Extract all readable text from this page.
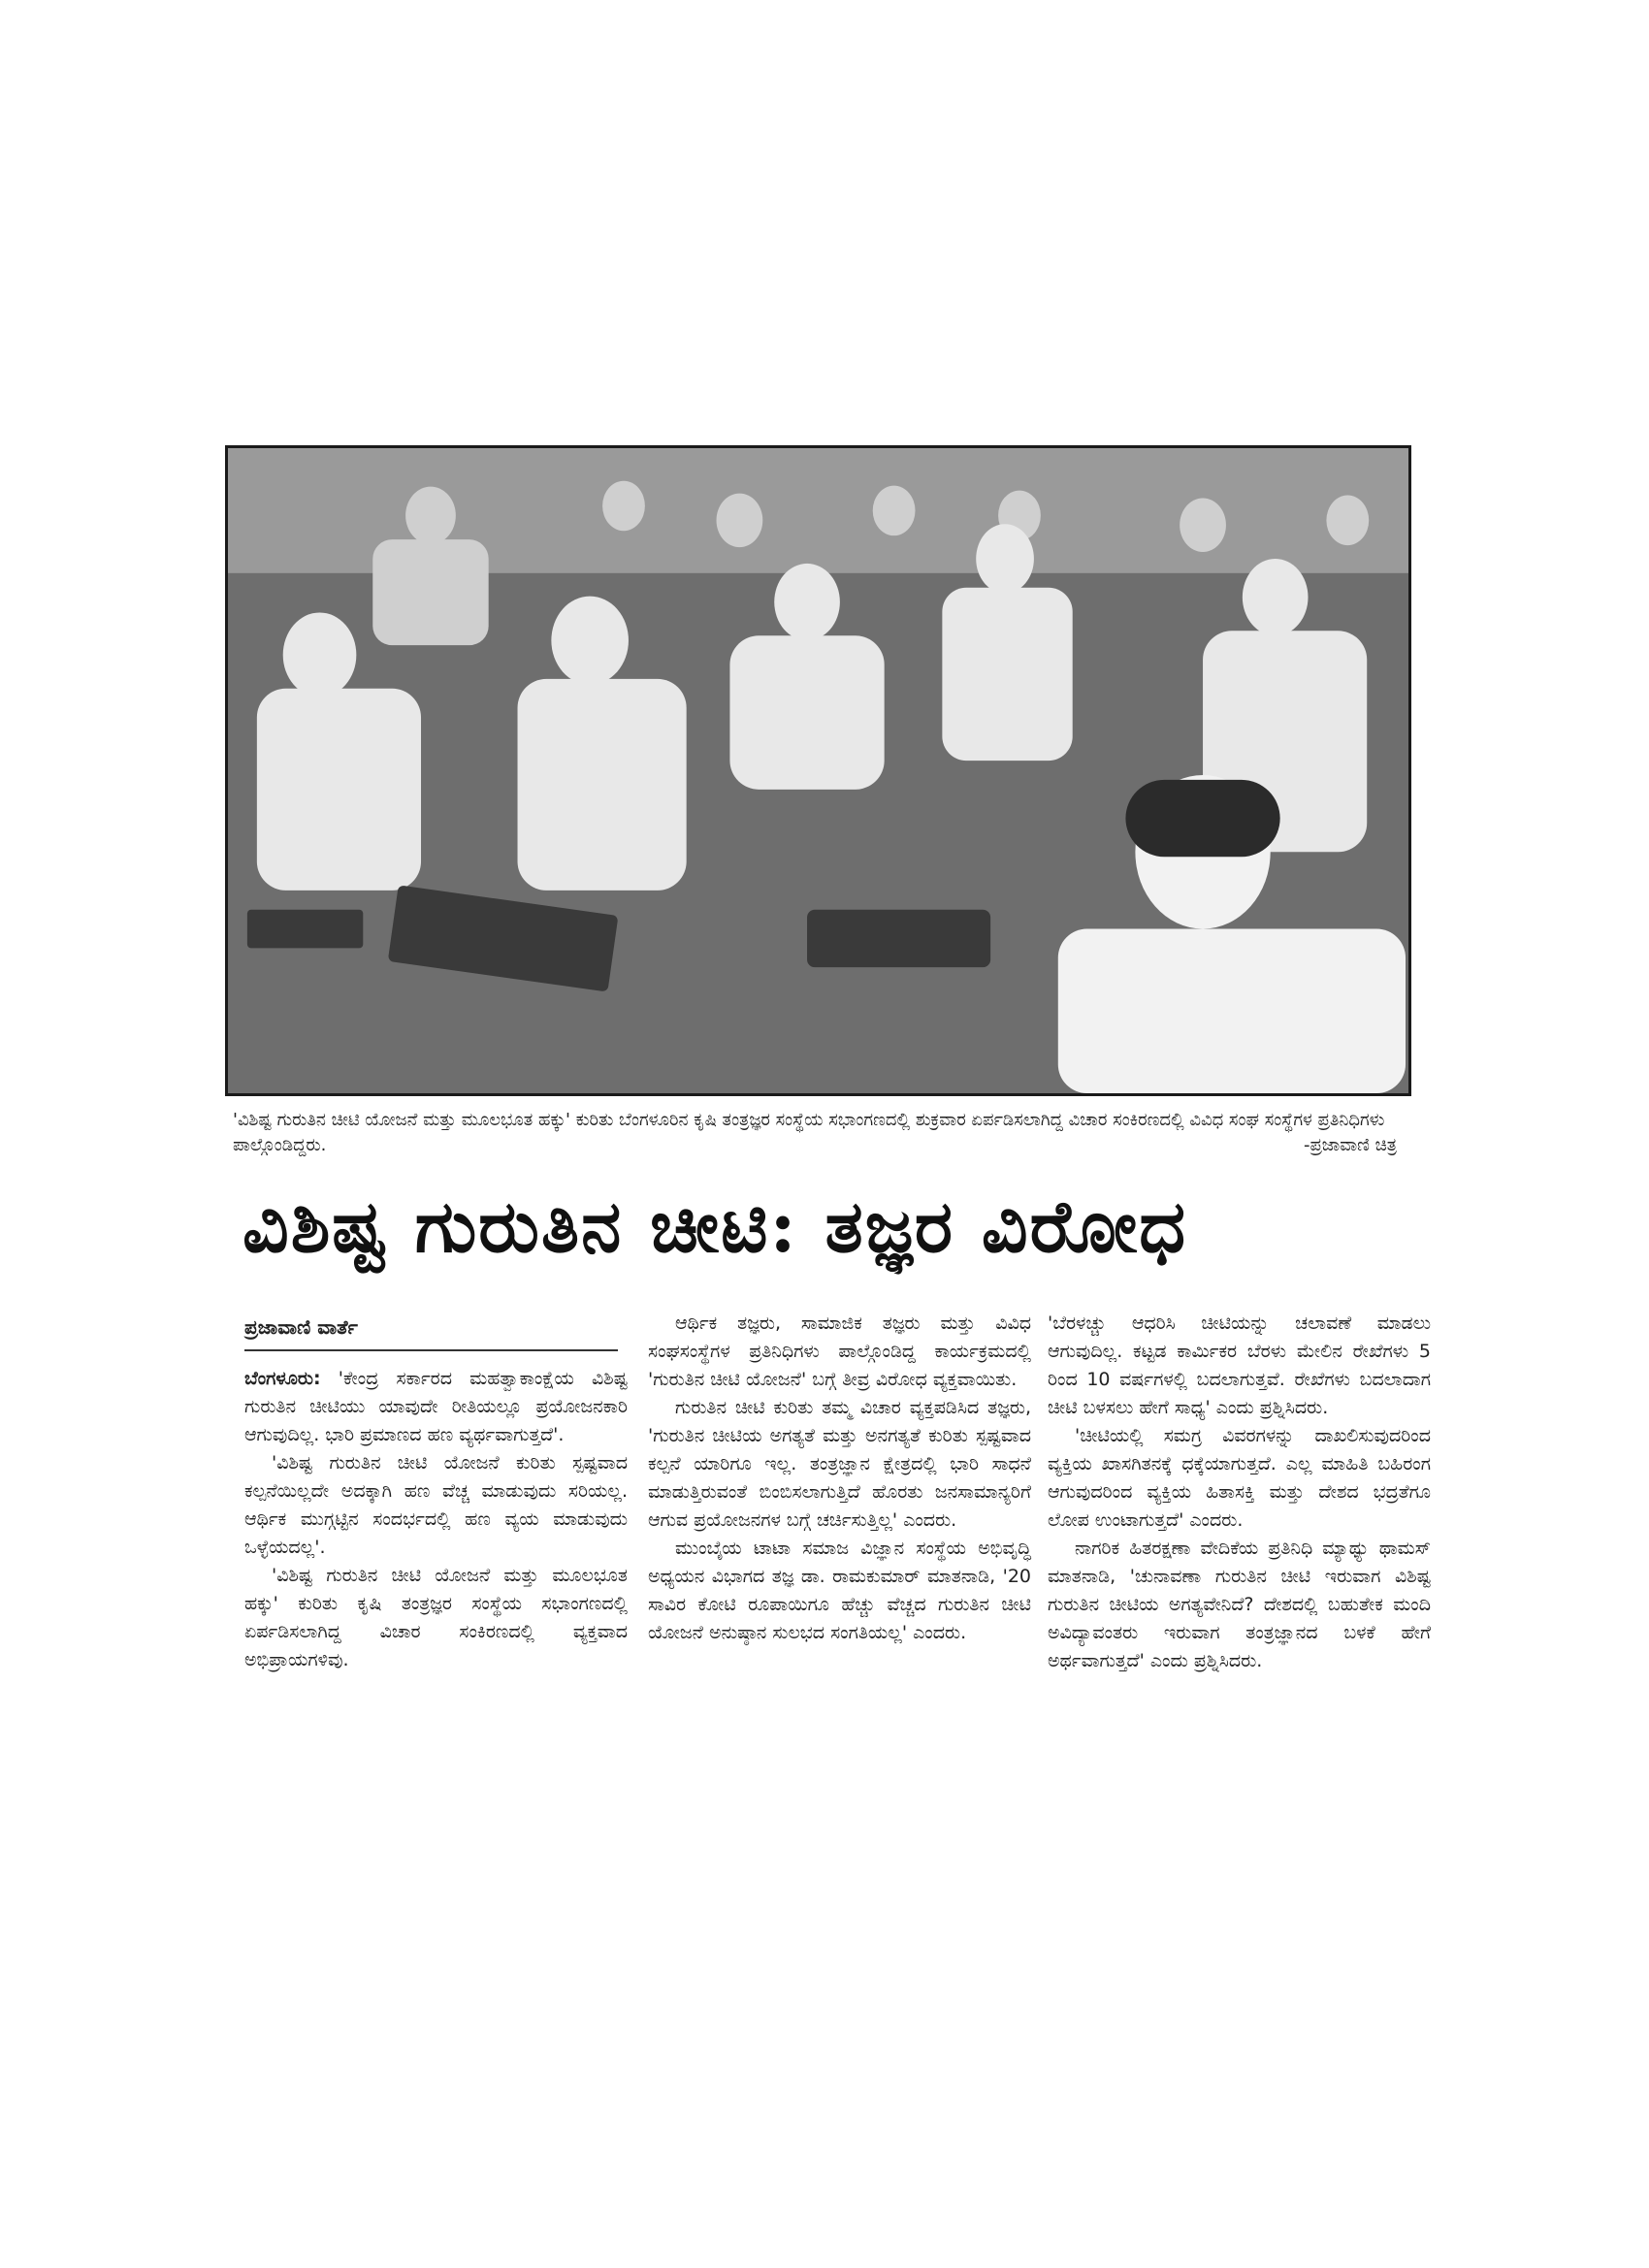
'ವಿಶಿಷ್ಟ ಗುರುತಿನ ಚೀಟಿ ಯೋಜನೆ ಮತ್ತು ಮೂಲಭೂತ ಹಕ್ಕು' ಕುರಿತು ಬೆಂಗಳೂರಿನ ಕೃಷಿ ತಂತ್ರಜ್ಞರ ಸಂಸ್ಥೆಯ ಸಭಾಂಗಣದಲ್ಲಿ ಶುಕ್ರವಾರ ಏರ್ಪಡಿಸಲಾಗಿದ್ದ ವಿಚಾರ ಸಂಕಿರಣದಲ್ಲಿ ವಿವಿಧ ಸಂಘ ಸಂಸ್ಥೆಗಳ ಪ್ರತಿನಿಧಿಗಳು ಪಾಲ್ಗೊಂಡಿದ್ದರು.	-ಪ್ರಜಾವಾಣಿ ಚಿತ್ರ
ವಿಶಿಷ್ಟ ಗುರುತಿನ ಚೀಟಿ: ತಜ್ಞರ ವಿರೋಧ
ಪ್ರಜಾವಾಣಿ ವಾರ್ತೆ

ಬೆಂಗಳೂರು: 'ಕೇಂದ್ರ ಸರ್ಕಾರದ ಮಹತ್ವಾಕಾಂಕ್ಷೆಯ ವಿಶಿಷ್ಟ ಗುರುತಿನ ಚೀಟಿಯು ಯಾವುದೇ ರೀತಿಯಲ್ಲೂ ಪ್ರಯೋಜನಕಾರಿ ಆಗುವುದಿಲ್ಲ. ಭಾರಿ ಪ್ರಮಾಣದ ಹಣ ವ್ಯರ್ಥವಾಗುತ್ತದೆ'.

'ವಿಶಿಷ್ಟ ಗುರುತಿನ ಚೀಟಿ ಯೋಜನೆ ಕುರಿತು ಸ್ಪಷ್ಟವಾದ ಕಲ್ಪನೆಯಿಲ್ಲದೇ ಅದಕ್ಕಾಗಿ ಹಣ ವೆಚ್ಚ ಮಾಡುವುದು ಸರಿಯಲ್ಲ. ಆರ್ಥಿಕ ಮುಗ್ಗಟ್ಟಿನ ಸಂದರ್ಭದಲ್ಲಿ ಹಣ ವ್ಯಯ ಮಾಡುವುದು ಒಳ್ಳೆಯದಲ್ಲ'.

'ವಿಶಿಷ್ಟ ಗುರುತಿನ ಚೀಟಿ ಯೋಜನೆ ಮತ್ತು ಮೂಲಭೂತ ಹಕ್ಕು' ಕುರಿತು ಕೃಷಿ ತಂತ್ರಜ್ಞರ ಸಂಸ್ಥೆಯ ಸಭಾಂಗಣದಲ್ಲಿ ಏರ್ಪಡಿಸಲಾಗಿದ್ದ ವಿಚಾರ ಸಂಕಿರಣದಲ್ಲಿ ವ್ಯಕ್ತವಾದ ಅಭಿಪ್ರಾಯಗಳಿವು.

ಆರ್ಥಿಕ ತಜ್ಞರು, ಸಾಮಾಜಿಕ ತಜ್ಞರು ಮತ್ತು ವಿವಿಧ ಸಂಘಸಂಸ್ಥೆಗಳ ಪ್ರತಿನಿಧಿಗಳು ಪಾಲ್ಗೊಂಡಿದ್ದ ಕಾರ್ಯಕ್ರಮದಲ್ಲಿ 'ಗುರುತಿನ ಚೀಟಿ ಯೋಜನೆ' ಬಗ್ಗೆ ತೀವ್ರ ವಿರೋಧ ವ್ಯಕ್ತವಾಯಿತು.

ಗುರುತಿನ ಚೀಟಿ ಕುರಿತು ತಮ್ಮ ವಿಚಾರ ವ್ಯಕ್ತಪಡಿಸಿದ ತಜ್ಞರು, 'ಗುರುತಿನ ಚೀಟಿಯ ಅಗತ್ಯತೆ ಮತ್ತು ಅನಗತ್ಯತೆ ಕುರಿತು ಸ್ಪಷ್ಟವಾದ ಕಲ್ಪನೆ ಯಾರಿಗೂ ಇಲ್ಲ. ತಂತ್ರಜ್ಞಾನ ಕ್ಷೇತ್ರದಲ್ಲಿ ಭಾರಿ ಸಾಧನೆ ಮಾಡುತ್ತಿರುವಂತೆ ಬಿಂಬಿಸಲಾಗುತ್ತಿದೆ ಹೊರತು ಜನಸಾಮಾನ್ಯರಿಗೆ ಆಗುವ ಪ್ರಯೋಜನಗಳ ಬಗ್ಗೆ ಚರ್ಚಿಸುತ್ತಿಲ್ಲ' ಎಂದರು.

ಮುಂಬೈಯ ಟಾಟಾ ಸಮಾಜ ವಿಜ್ಞಾನ ಸಂಸ್ಥೆಯ ಅಭಿವೃದ್ಧಿ ಅಧ್ಯಯನ ವಿಭಾಗದ ತಜ್ಞ ಡಾ. ರಾಮಕುಮಾರ್ ಮಾತನಾಡಿ, '20 ಸಾವಿರ ಕೋಟಿ ರೂಪಾಯಿಗೂ ಹೆಚ್ಚು ವೆಚ್ಚದ ಗುರುತಿನ ಚೀಟಿ ಯೋಜನೆ ಅನುಷ್ಠಾನ ಸುಲಭದ ಸಂಗತಿಯಲ್ಲ' ಎಂದರು.

'ಬೆರಳಚ್ಚು ಆಧರಿಸಿ ಚೀಟಿಯನ್ನು ಚಲಾವಣೆ ಮಾಡಲು ಆಗುವುದಿಲ್ಲ. ಕಟ್ಟಡ ಕಾರ್ಮಿಕರ ಬೆರಳು ಮೇಲಿನ ರೇಖೆಗಳು 5 ರಿಂದ 10 ವರ್ಷಗಳಲ್ಲಿ ಬದಲಾಗುತ್ತವೆ. ರೇಖೆಗಳು ಬದಲಾದಾಗ ಚೀಟಿ ಬಳಸಲು ಹೇಗೆ ಸಾಧ್ಯ' ಎಂದು ಪ್ರಶ್ನಿಸಿದರು.

'ಚೀಟಿಯಲ್ಲಿ ಸಮಗ್ರ ವಿವರಗಳನ್ನು ದಾಖಲಿಸುವುದರಿಂದ ವ್ಯಕ್ತಿಯ ಖಾಸಗಿತನಕ್ಕೆ ಧಕ್ಕೆಯಾಗುತ್ತದೆ. ಎಲ್ಲ ಮಾಹಿತಿ ಬಹಿರಂಗ ಆಗುವುದರಿಂದ ವ್ಯಕ್ತಿಯ ಹಿತಾಸಕ್ತಿ ಮತ್ತು ದೇಶದ ಭದ್ರತೆಗೂ ಲೋಪ ಉಂಟಾಗುತ್ತದೆ' ಎಂದರು.

ನಾಗರಿಕ ಹಿತರಕ್ಷಣಾ ವೇದಿಕೆಯ ಪ್ರತಿನಿಧಿ ಮ್ಯಾಥ್ಯು ಥಾಮಸ್ ಮಾತನಾಡಿ, 'ಚುನಾವಣಾ ಗುರುತಿನ ಚೀಟಿ ಇರುವಾಗ ವಿಶಿಷ್ಟ ಗುರುತಿನ ಚೀಟಿಯ ಅಗತ್ಯವೇನಿದೆ? ದೇಶದಲ್ಲಿ ಬಹುತೇಕ ಮಂದಿ ಅವಿದ್ಯಾವಂತರು ಇರುವಾಗ ತಂತ್ರಜ್ಞಾನದ ಬಳಕೆ ಹೇಗೆ ಅರ್ಥವಾಗುತ್ತದೆ' ಎಂದು ಪ್ರಶ್ನಿಸಿದರು.
